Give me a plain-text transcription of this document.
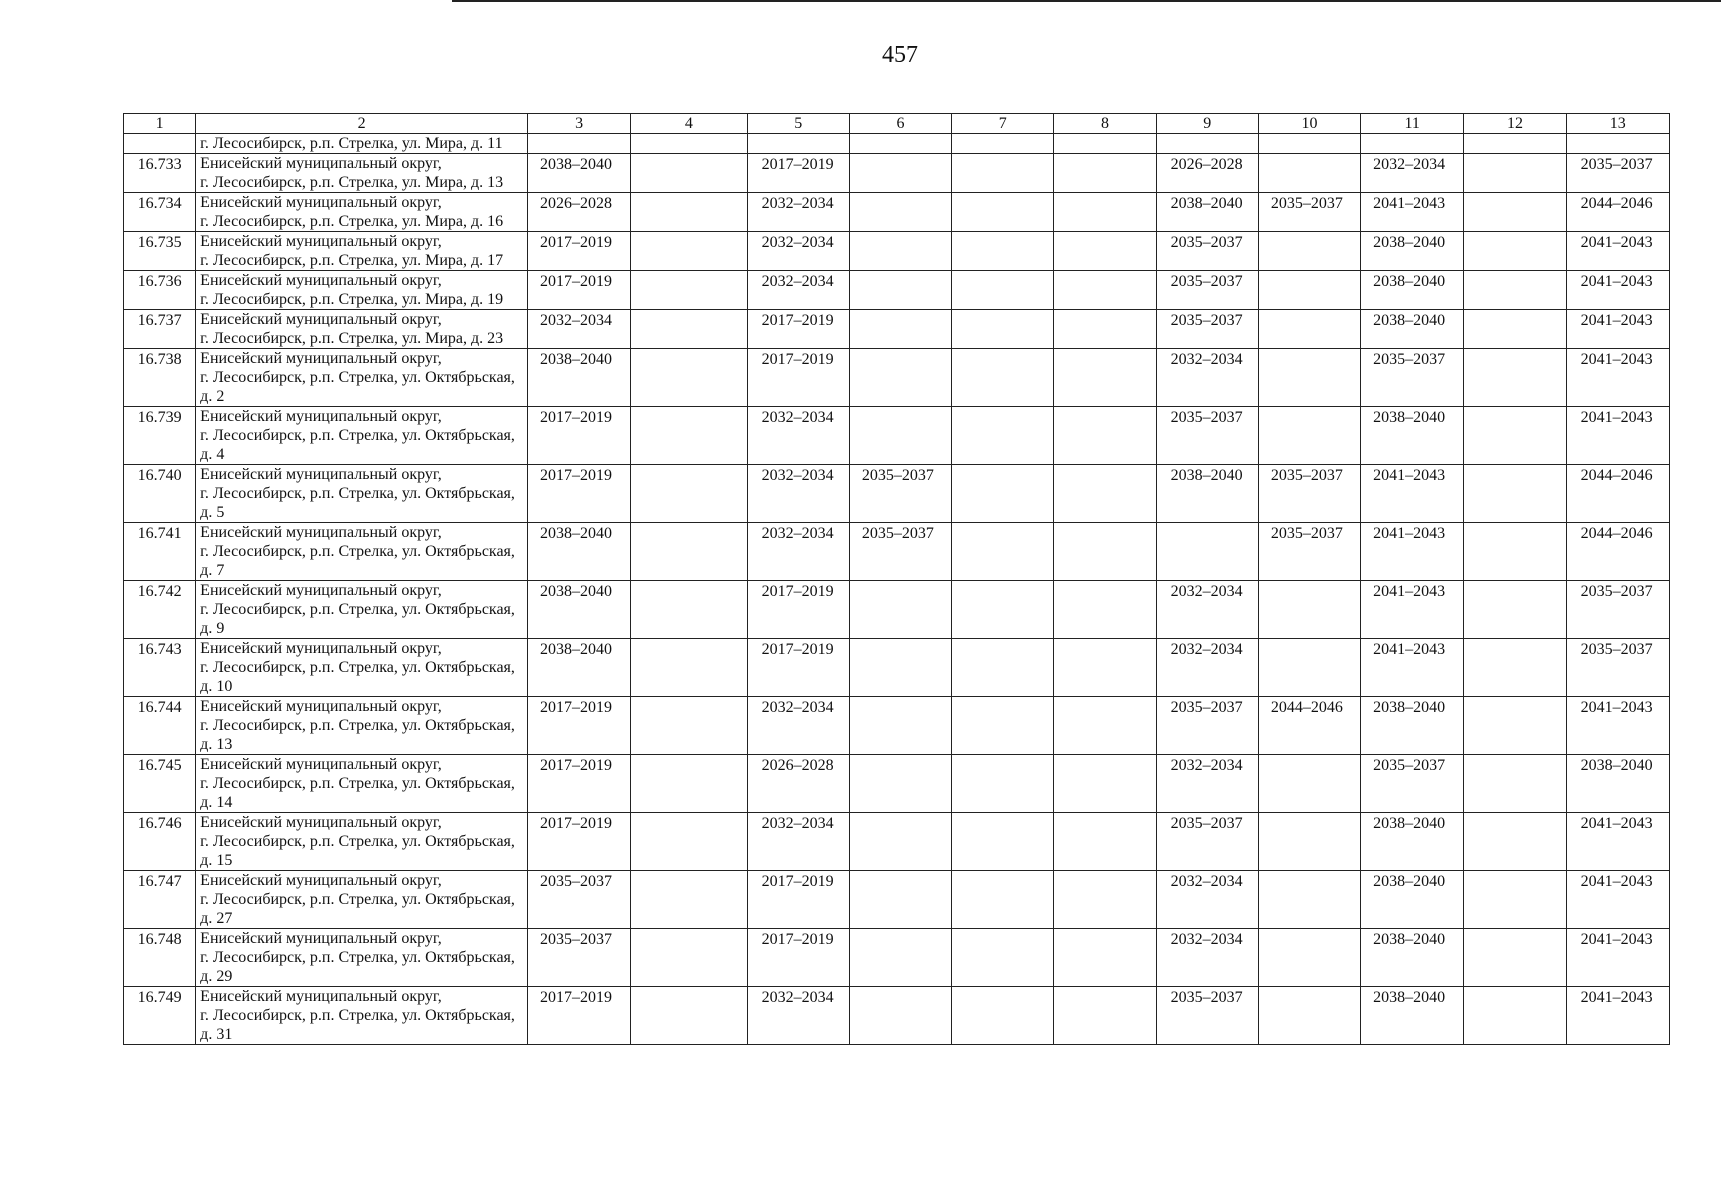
457
1	2	3	4	5	6	7	8	9	10	11	12	13
	г. Лесосибирск, р.п. Стрелка, ул. Мира, д. 11											
16.733	Енисейский муниципальный округ,
г. Лесосибирск, р.п. Стрелка, ул. Мира, д. 13	2038–2040		2017–2019				2026–2028		2032–2034		2035–2037
16.734	Енисейский муниципальный округ,
г. Лесосибирск, р.п. Стрелка, ул. Мира, д. 16	2026–2028		2032–2034				2038–2040	2035–2037	2041–2043		2044–2046
16.735	Енисейский муниципальный округ,
г. Лесосибирск, р.п. Стрелка, ул. Мира, д. 17	2017–2019		2032–2034				2035–2037		2038–2040		2041–2043
16.736	Енисейский муниципальный округ,
г. Лесосибирск, р.п. Стрелка, ул. Мира, д. 19	2017–2019		2032–2034				2035–2037		2038–2040		2041–2043
16.737	Енисейский муниципальный округ,
г. Лесосибирск, р.п. Стрелка, ул. Мира, д. 23	2032–2034		2017–2019				2035–2037		2038–2040		2041–2043
16.738	Енисейский муниципальный округ,
г. Лесосибирск, р.п. Стрелка, ул. Октябрьская,
д. 2	2038–2040		2017–2019				2032–2034		2035–2037		2041–2043
16.739	Енисейский муниципальный округ,
г. Лесосибирск, р.п. Стрелка, ул. Октябрьская,
д. 4	2017–2019		2032–2034				2035–2037		2038–2040		2041–2043
16.740	Енисейский муниципальный округ,
г. Лесосибирск, р.п. Стрелка, ул. Октябрьская,
д. 5	2017–2019		2032–2034	2035–2037			2038–2040	2035–2037	2041–2043		2044–2046
16.741	Енисейский муниципальный округ,
г. Лесосибирск, р.п. Стрелка, ул. Октябрьская,
д. 7	2038–2040		2032–2034	2035–2037				2035–2037	2041–2043		2044–2046
16.742	Енисейский муниципальный округ,
г. Лесосибирск, р.п. Стрелка, ул. Октябрьская,
д. 9	2038–2040		2017–2019				2032–2034		2041–2043		2035–2037
16.743	Енисейский муниципальный округ,
г. Лесосибирск, р.п. Стрелка, ул. Октябрьская,
д. 10	2038–2040		2017–2019				2032–2034		2041–2043		2035–2037
16.744	Енисейский муниципальный округ,
г. Лесосибирск, р.п. Стрелка, ул. Октябрьская,
д. 13	2017–2019		2032–2034				2035–2037	2044–2046	2038–2040		2041–2043
16.745	Енисейский муниципальный округ,
г. Лесосибирск, р.п. Стрелка, ул. Октябрьская,
д. 14	2017–2019		2026–2028				2032–2034		2035–2037		2038–2040
16.746	Енисейский муниципальный округ,
г. Лесосибирск, р.п. Стрелка, ул. Октябрьская,
д. 15	2017–2019		2032–2034				2035–2037		2038–2040		2041–2043
16.747	Енисейский муниципальный округ,
г. Лесосибирск, р.п. Стрелка, ул. Октябрьская,
д. 27	2035–2037		2017–2019				2032–2034		2038–2040		2041–2043
16.748	Енисейский муниципальный округ,
г. Лесосибирск, р.п. Стрелка, ул. Октябрьская,
д. 29	2035–2037		2017–2019				2032–2034		2038–2040		2041–2043
16.749	Енисейский муниципальный округ,
г. Лесосибирск, р.п. Стрелка, ул. Октябрьская,
д. 31	2017–2019		2032–2034				2035–2037		2038–2040		2041–2043
